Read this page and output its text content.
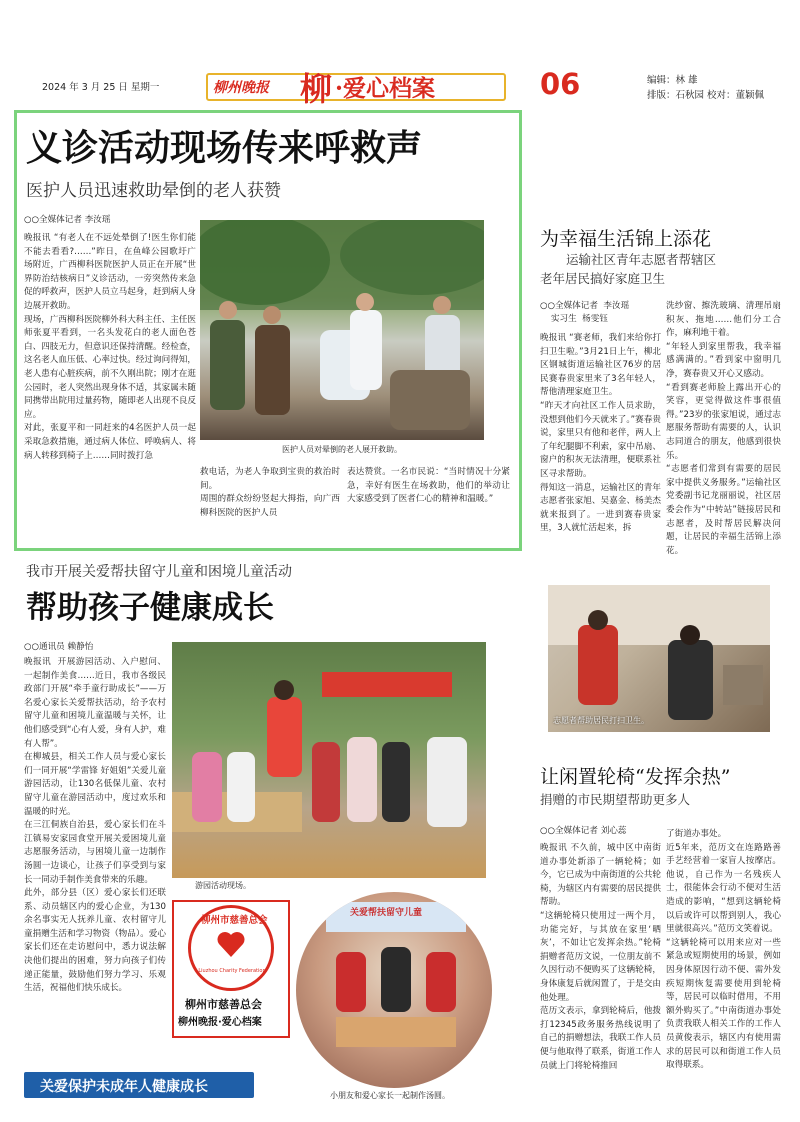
2024 年 3 月 25 日 星期一	柳州晚报 柳 ·爱心档案	06	编辑：林 雄
排版：石秋园 校对：董颖佩
义诊活动现场传来呼救声
医护人员迅速救助晕倒的老人获赞
○○全媒体记者 李汝瑶
晚报讯 “有老人在不远处晕倒了!医生你们能不能去看看?……”昨日，在鱼峰公园歌圩广场附近，广西柳科医院医护人员正在开展“世界防治结核病日”义诊活动，一旁突然传来急促的呼救声，医护人员立马起身，赶到病人身边展开救助。
现场，广西柳科医院柳外科大科主任、主任医师张夏平看到，一名头发花白的老人面色苍白、四肢无力，但意识还保持清醒。经检查，这名老人血压低、心率过快。经过询问得知，老人患有心脏疾病，前不久刚出院；刚才在逛公园时，老人突然出现身体不适，其家属未随同携带出院用过量药物，随即老人出现不良反应。
对此，张夏平和一同赶来的4名医护人员一起采取急救措施，通过病人体位、呼唤病人、将病人转移到椅子上……同时拨打急
医护人员对晕倒的老人展开救助。
救电话，为老人争取到宝贵的救治时间。
周围的群众纷纷竖起大拇指，向广西柳科医院的医护人员
表达赞赏。一名市民说：“当时情况十分紧急，幸好有医生在场救助，他们的举动让大家感受到了医者仁心的精神和温暖。”
为幸福生活锦上添花
运输社区青年志愿者帮辖区
老年居民搞好家庭卫生
○○全媒体记者  李汝瑶
实习生  杨雯钰
晚报讯 “赛老师，我们来给你打扫卫生啦。”3月21日上午，柳北区钢城街道运输社区76岁的居民赛春贵家里来了3名年轻人，帮他清理家庭卫生。
“昨天才向社区工作人员求助，没想到他们今天就来了。”赛春贵说，家里只有他和老伴，两人上了年纪腿脚不利索，家中吊扇、窗户的积灰无法清理，便联系社区寻求帮助。
得知这一消息，运输社区的青年志愿者张家旭、吴嘉金、杨美杰就来报到了。一进到赛春贵家里，3人就忙活起来，拆
洗纱窗、擦洗玻璃、清理吊扇积灰、拖地……他们分工合作，麻利地干着。
“年轻人到家里帮我，我幸福感满满的。”看到家中窗明几净，赛春贵又开心又感动。
“看到赛老师脸上露出开心的笑容，更觉得做这件事很值得。”23岁的张家旭说，通过志愿服务帮助有需要的人，认识志同道合的朋友，他感到很快乐。
“志愿者们常到有需要的居民家中提供义务服务。”运输社区党委副书记龙丽丽说，社区居委会作为“中转站”链接居民和志愿者，及时帮居民解决问题，让居民的幸福生活锦上添花。
志愿者帮助居民打扫卫生。
我市开展关爱帮扶留守儿童和困境儿童活动
帮助孩子健康成长
○○通讯员 赖静怡
晚报讯  开展游园活动、入户慰问、一起制作美食……近日，我市各级民政部门开展“牵手童行助成长”——万名爱心家长关爱帮扶活动，给予农村留守儿童和困境儿童温暖与关怀，让他们感受到“心有人爱，身有人护，难有人帮”。
在柳城县，相关工作人员与爱心家长们一同开展“学雷锋 好姐姐”关爱儿童游园活动，让130名低保儿童、农村留守儿童在游园活动中，度过欢乐和温暖的时光。
在三江侗族自治县，爱心家长们在斗江镇易安家园食堂开展关爱困境儿童志愿服务活动，与困境儿童一边制作汤圆一边谈心，让孩子们享受到与家长一同动手制作美食带来的乐趣。
此外，部分县（区）爱心家长们还联系、动员辖区内的爱心企业，为130余名事实无人抚养儿童、农村留守儿童捐赠生活和学习物资（物品）。爱心家长们还在走访慰问中，悉力说法解决他们提出的困难，努力向孩子们传递正能量，鼓励他们努力学习、乐观生活，祝福他们快乐成长。
游园活动现场。
柳州市慈善总会
Liuzhou Charity Federation
柳州市慈善总会
柳州晚报·爱心档案
关爱帮扶留守儿童
小朋友和爱心家长一起制作汤圆。
关爱保护未成年人健康成长
让闲置轮椅“发挥余热”
捐赠的市民期望帮助更多人
○○全媒体记者 刘心蕊
晚报讯 不久前，城中区中南街道办事处新添了一辆轮椅；如今，它已成为中南街道的公共轮椅，为辖区内有需要的居民提供帮助。
“这辆轮椅只使用过一两个月，功能完好，与其放在家里‘晒灰’，不如让它发挥余热。”轮椅捐赠者范历文说，一位朋友前不久因行动不便购买了这辆轮椅，身体康复后就闲置了，于是交由他处理。
范历文表示，拿到轮椅后，他拨打12345政务服务热线说明了自己的捐赠想法，我联工作人员便与他取得了联系，街道工作人员就上门将轮椅推回
了街道办事处。
近5年来，范历文在连路路善手艺经营着一家盲人按摩店。他说，自己作为一名残疾人士，很能体会行动不便对生活造成的影响，“想到这辆轮椅以后或许可以帮到别人，我心里就很高兴。”范历文笑着说。
“这辆轮椅可以用来应对一些紧急或短期使用的场景，例如因身体原因行动不便、需外发疾短期恢复需要使用到轮椅等，居民可以临时借用，不用额外购买了。”中南街道办事处负责我联人相关工作的工作人员黄俊表示，辖区内有使用需求的居民可以和街道工作人员取得联系。
